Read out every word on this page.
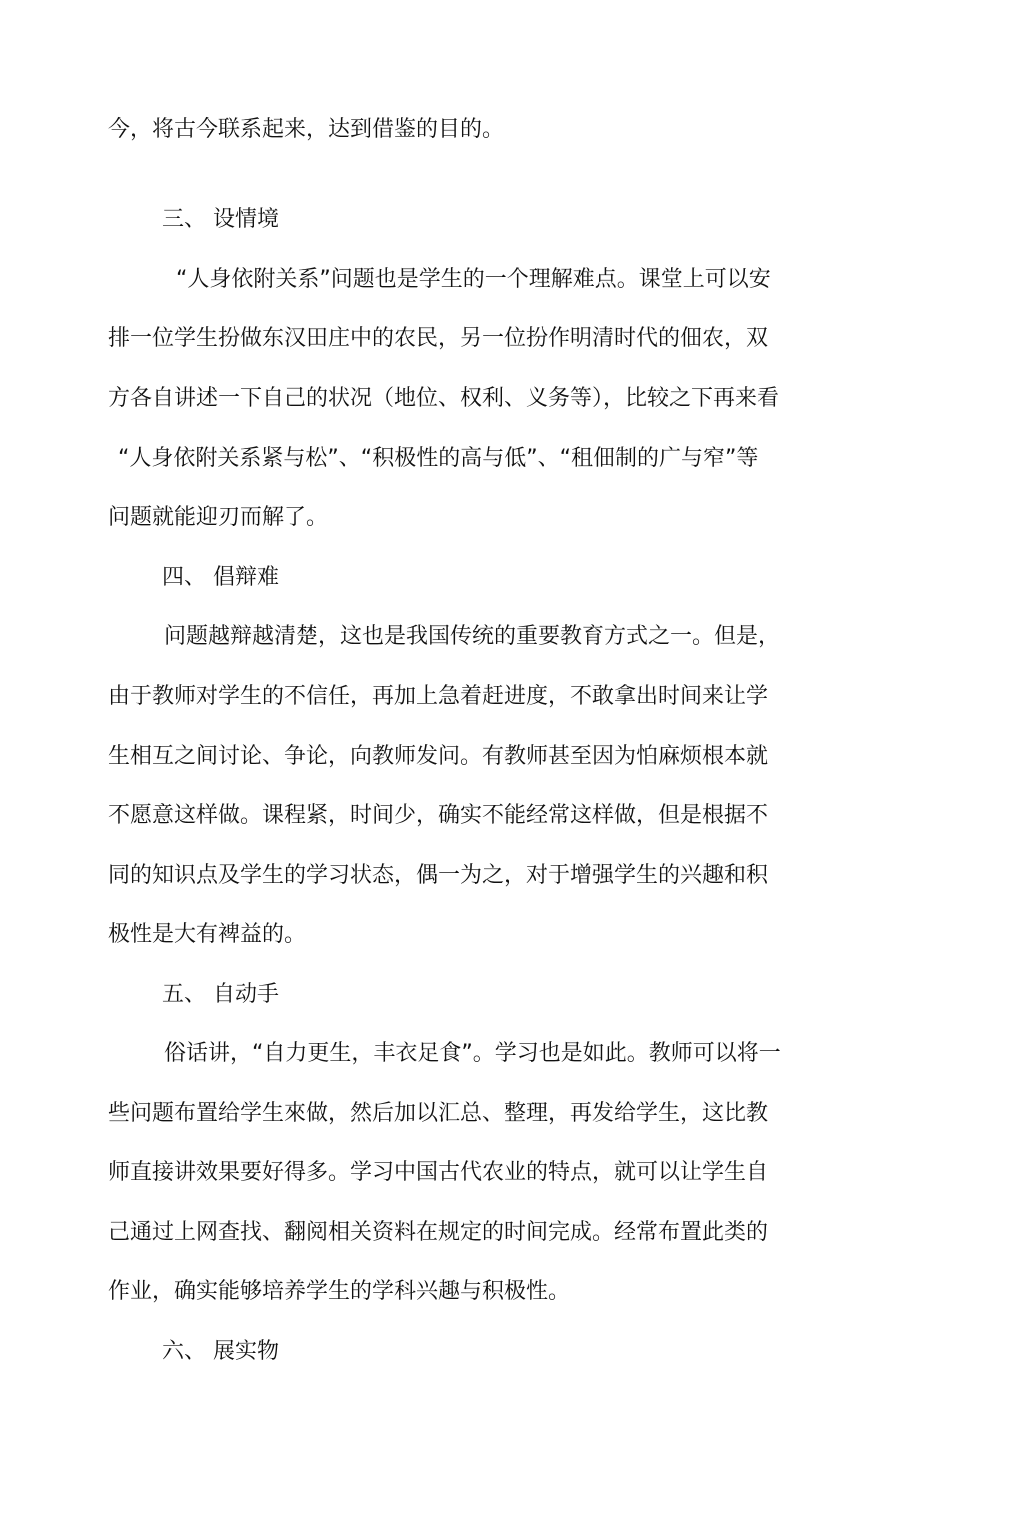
今，将古今联系起来，达到借鉴的目的。
三、 设情境
“人身依附关系”问题也是学生的一个理解难点。课堂上可以安
排一位学生扮做东汉田庄中的农民，另一位扮作明清时代的佃农，双
方各自讲述一下自己的状况（地位、权利、义务等），比较之下再来看
“人身依附关系紧与松”、“积极性的高与低”、“租佃制的广与窄”等
问题就能迎刃而解了。
四、 倡辩难
问题越辩越清楚，这也是我国传统的重要教育方式之一。但是，
由于教师对学生的不信任，再加上急着赶进度，不敢拿出时间来让学
生相互之间讨论、争论，向教师发问。有教师甚至因为怕麻烦根本就
不愿意这样做。课程紧，时间少，确实不能经常这样做，但是根据不
同的知识点及学生的学习状态，偶一为之，对于增强学生的兴趣和积
极性是大有裨益的。
五、 自动手
俗话讲，“自力更生，丰衣足食”。学习也是如此。教师可以将一
些问题布置给学生來做，然后加以汇总、整理，再发给学生，这比教
师直接讲效果要好得多。学习中国古代农业的特点，就可以让学生自
己通过上网查找、翻阅相关资料在规定的时间完成。经常布置此类的
作业，确实能够培养学生的学科兴趣与积极性。
六、 展实物
